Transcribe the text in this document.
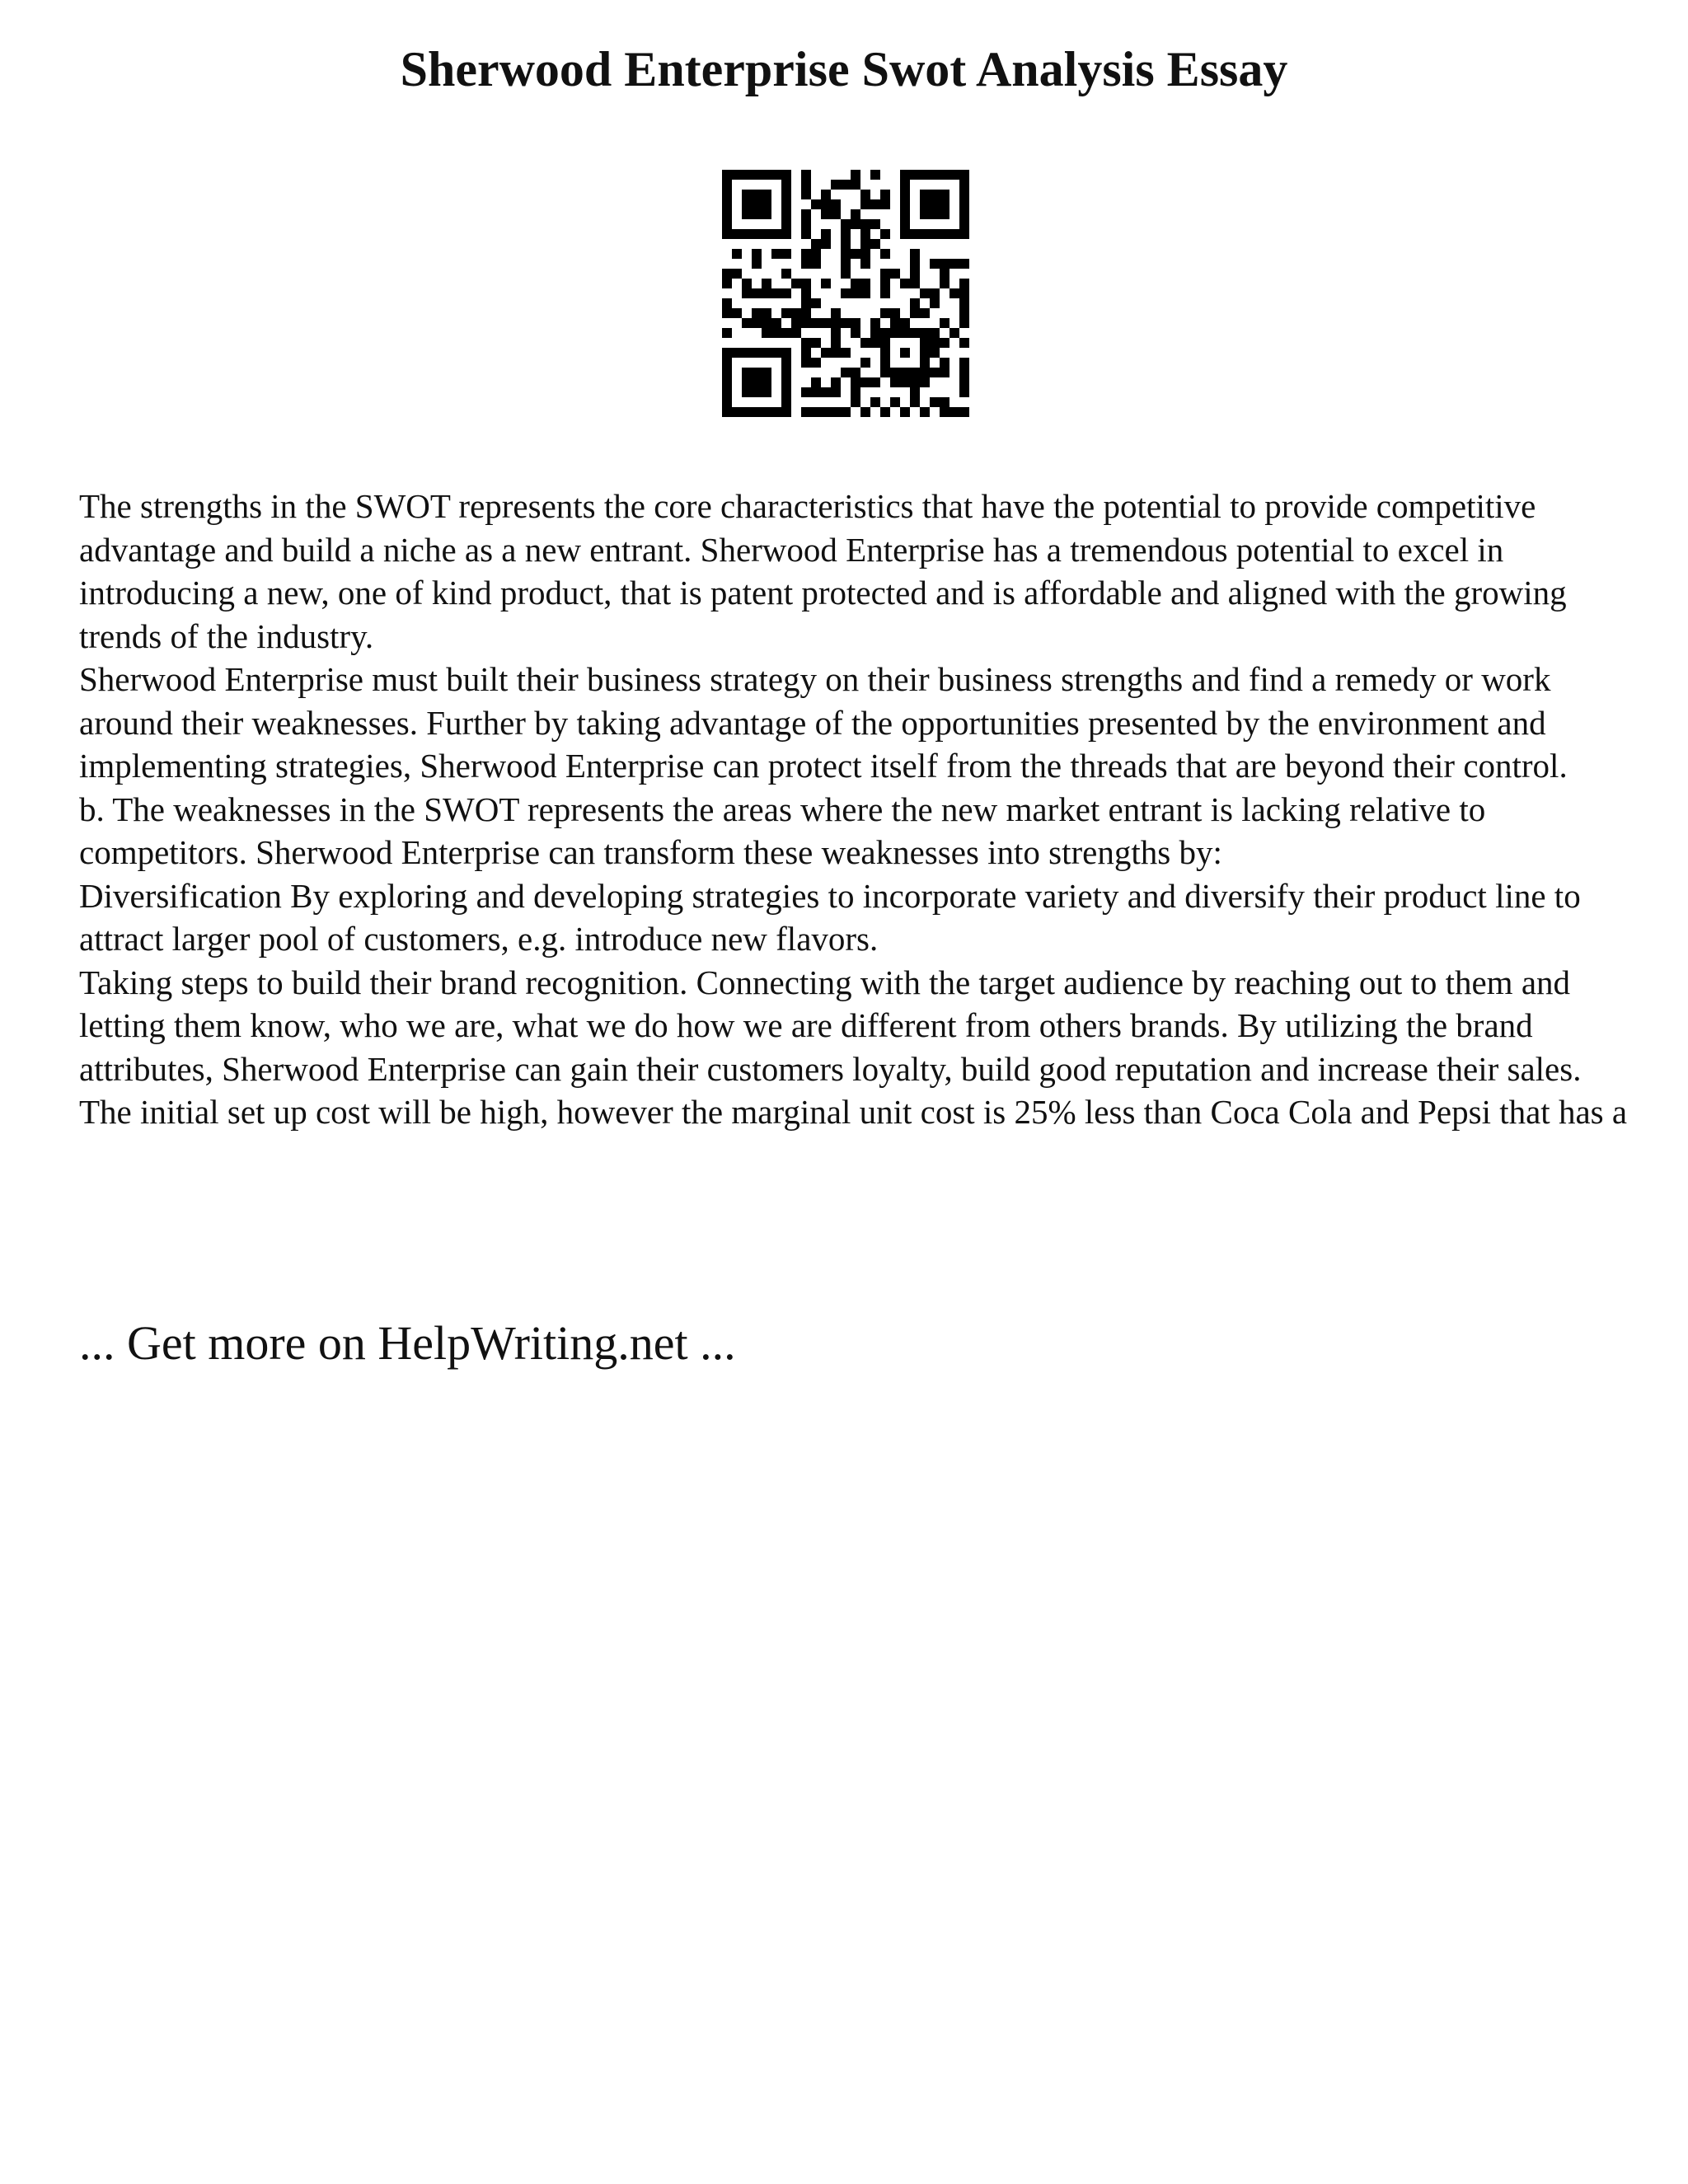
Sherwood Enterprise Swot Analysis Essay

The strengths in the SWOT represents the core characteristics that have the potential to provide competitive advantage and build a niche as a new entrant. Sherwood Enterprise has a tremendous potential to excel in introducing a new, one of kind product, that is patent protected and is affordable and aligned with the growing trends of the industry.

Sherwood Enterprise must built their business strategy on their business strengths and find a remedy or work around their weaknesses. Further by taking advantage of the opportunities presented by the environment and implementing strategies, Sherwood Enterprise can protect itself from the threads that are beyond their control.

b. The weaknesses in the SWOT represents the areas where the new market entrant is lacking relative to competitors. Sherwood Enterprise can transform these weaknesses into strengths by:

Diversification By exploring and developing strategies to incorporate variety and diversify their product line to attract larger pool of customers, e.g. introduce new flavors.

Taking steps to build their brand recognition. Connecting with the target audience by reaching out to them and letting them know, who we are, what we do how we are different from others brands. By utilizing the brand attributes, Sherwood Enterprise can gain their customers loyalty, build good reputation and increase their sales.

The initial set up cost will be high, however the marginal unit cost is 25% less than Coca Cola and Pepsi that has a

... Get more on HelpWriting.net ...
